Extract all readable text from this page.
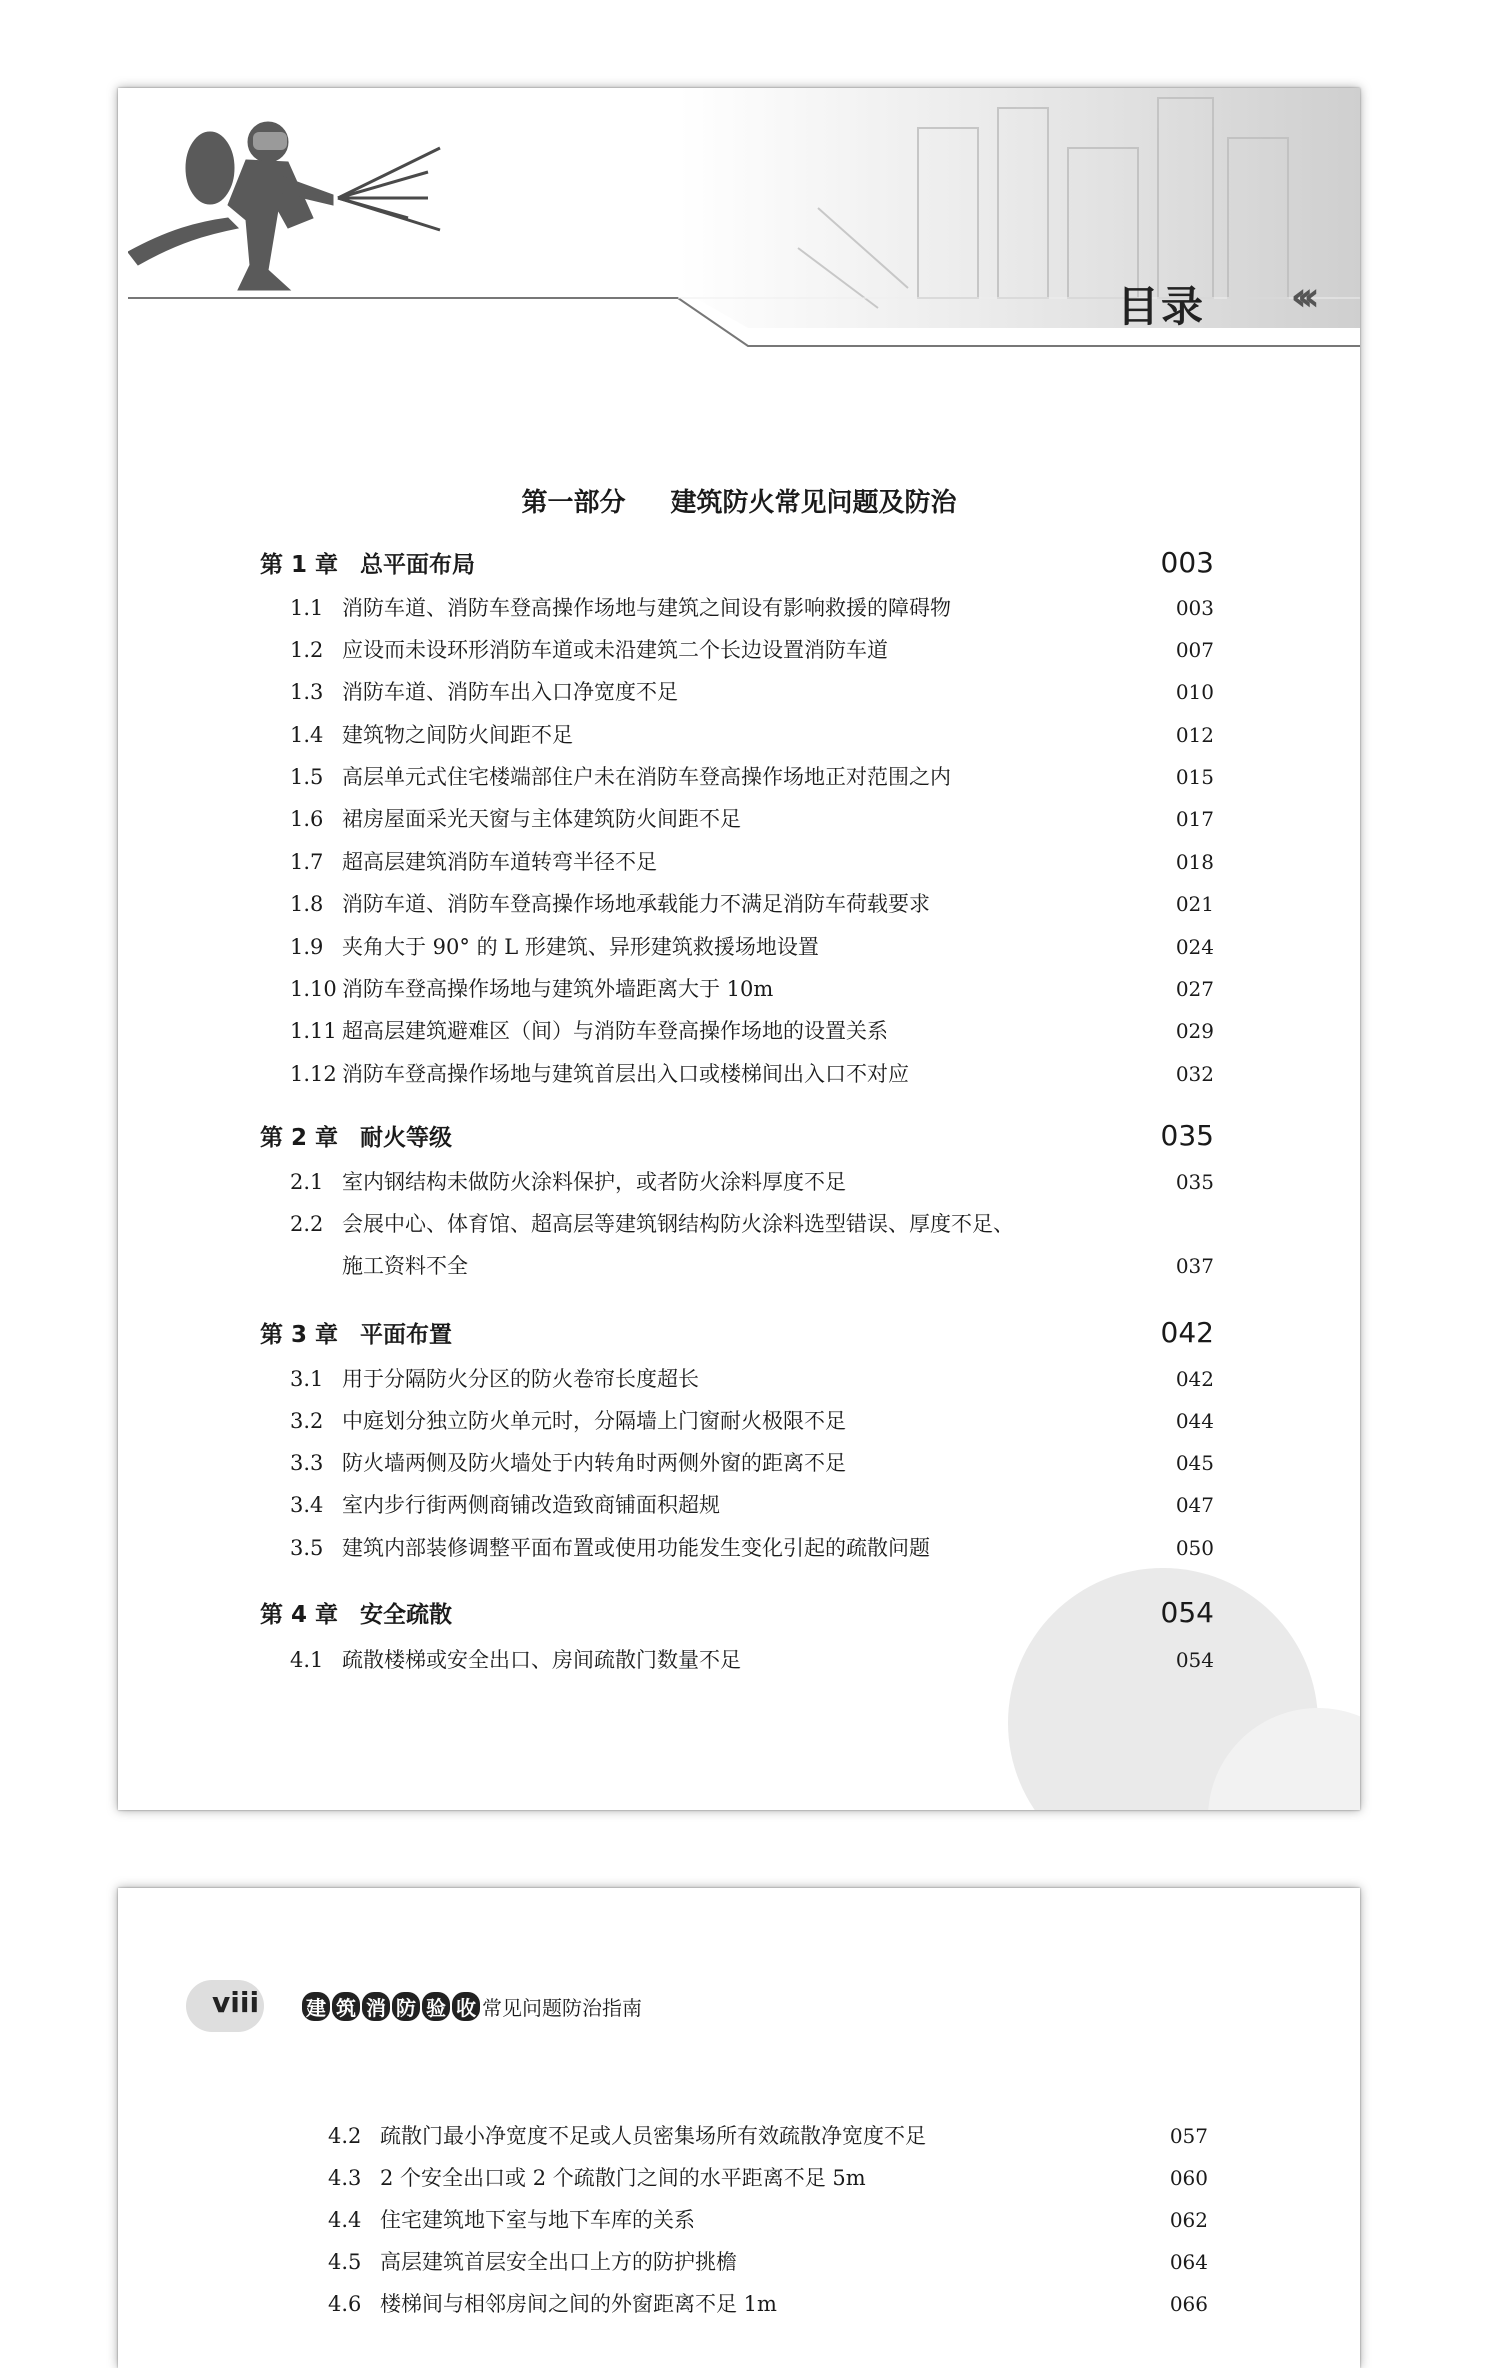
目录 ‹‹‹
第一部分 建筑防火常见问题及防治
第 1 章 总平面布局	003
1.1 消防车道、消防车登高操作场地与建筑之间设有影响救援的障碍物	003
1.2 应设而未设环形消防车道或未沿建筑二个长边设置消防车道	007
1.3 消防车道、消防车出入口净宽度不足	010
1.4 建筑物之间防火间距不足	012
1.5 高层单元式住宅楼端部住户未在消防车登高操作场地正对范围之内	015
1.6 裙房屋面采光天窗与主体建筑防火间距不足	017
1.7 超高层建筑消防车道转弯半径不足	018
1.8 消防车道、消防车登高操作场地承载能力不满足消防车荷载要求	021
1.9 夹角大于 90° 的 L 形建筑、异形建筑救援场地设置	024
1.10 消防车登高操作场地与建筑外墙距离大于 10m	027
1.11 超高层建筑避难区（间）与消防车登高操作场地的设置关系	029
1.12 消防车登高操作场地与建筑首层出入口或楼梯间出入口不对应	032
第 2 章 耐火等级	035
2.1 室内钢结构未做防火涂料保护，或者防火涂料厚度不足	035
2.2 会展中心、体育馆、超高层等建筑钢结构防火涂料选型错误、厚度不足、
施工资料不全	037
第 3 章 平面布置	042
3.1 用于分隔防火分区的防火卷帘长度超长	042
3.2 中庭划分独立防火单元时，分隔墙上门窗耐火极限不足	044
3.3 防火墙两侧及防火墙处于内转角时两侧外窗的距离不足	045
3.4 室内步行街两侧商铺改造致商铺面积超规	047
3.5 建筑内部装修调整平面布置或使用功能发生变化引起的疏散问题	050
第 4 章 安全疏散	054
4.1 疏散楼梯或安全出口、房间疏散门数量不足	054
viii 建 筑 消 防 验 收 常见问题防治指南
4.2 疏散门最小净宽度不足或人员密集场所有效疏散净宽度不足	057
4.3 2 个安全出口或 2 个疏散门之间的水平距离不足 5m	060
4.4 住宅建筑地下室与地下车库的关系	062
4.5 高层建筑首层安全出口上方的防护挑檐	064
4.6 楼梯间与相邻房间之间的外窗距离不足 1m	066
